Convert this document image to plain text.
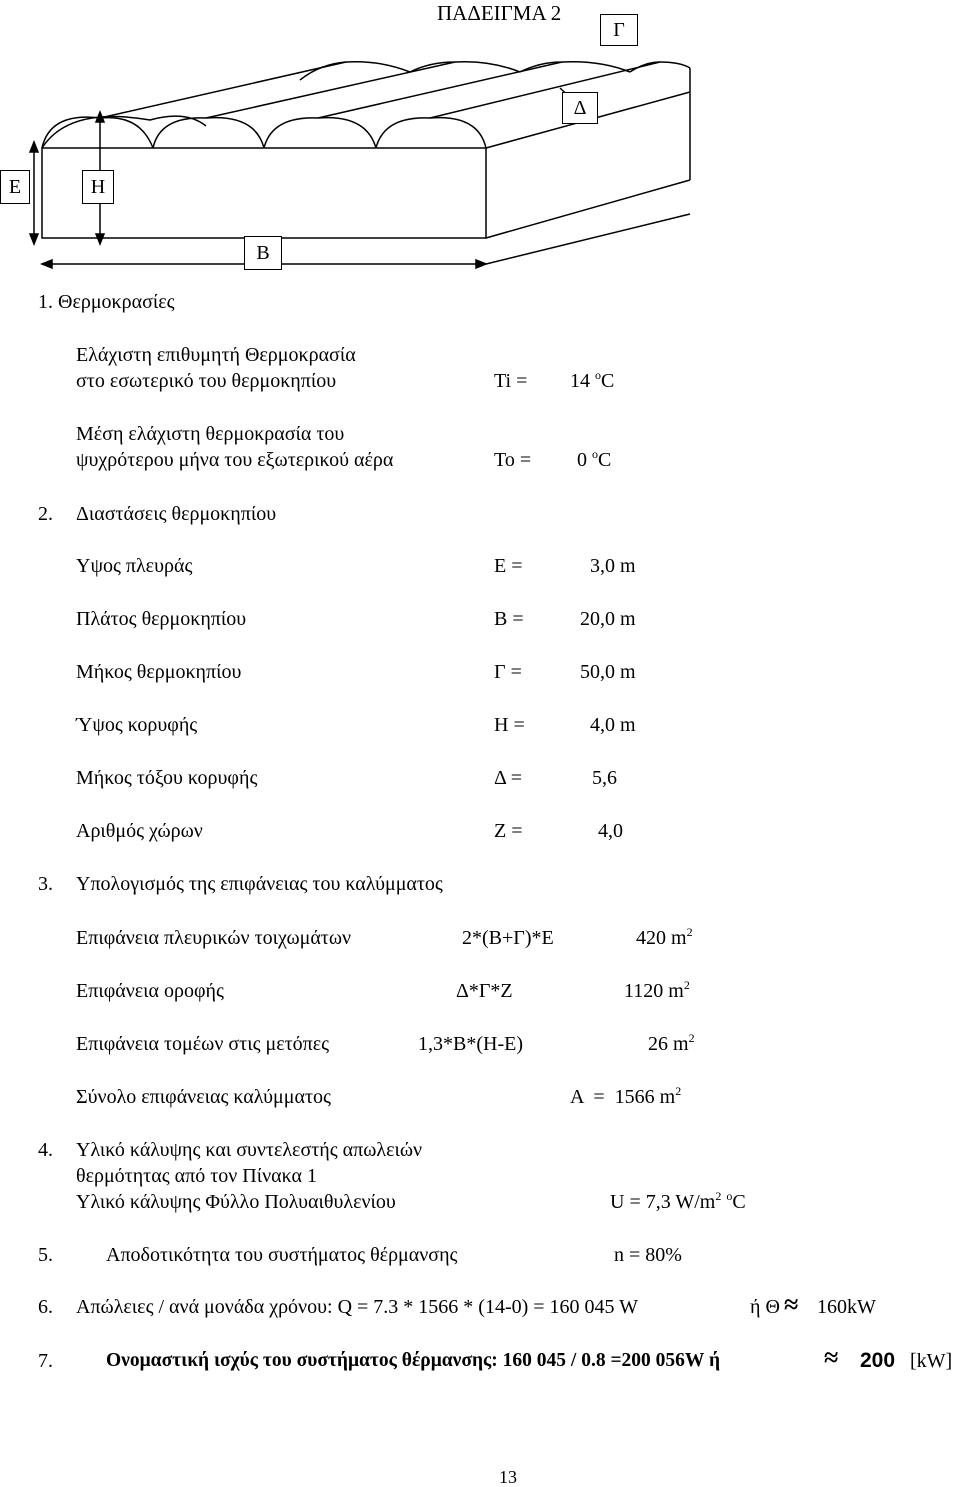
ΠΑΔΕΙΓΜΑ 2
Ε	Η
Δ
Γ
Β
1. Θερμοκρασίες
Ελάχιστη επιθυμητή Θερμοκρασία
στο εσωτερικό του θερμοκηπίου	Ti = 14 $^o$C
Μέση ελάχιστη θερμοκρασία του
ψυχρότερου μήνα του εξωτερικού αέρα	To = 0 $^o$C
2. Διαστάσεις θερμοκηπίου
Υψος πλευράς	Ε =	3,0 m
Πλάτος θερμοκηπίου	Β =	20,0 m
Μήκος θερμοκηπίου	Γ =	50,0 m
Ύψος κορυφής	Η =	4,0 m
Μήκος τόξου κορυφής	Δ =	5,6
Αριθμός χώρων	Ζ =	4,0
3. Υπολογισμός της επιφάνειας του καλύμματος
Επιφάνεια πλευρικών τοιχωμάτων	2*(Β+Γ)*Ε	420 $m^2$
Επιφάνεια οροφής	Δ*Γ*Ζ	1120 $m^2$
Επιφάνεια τομέων στις μετόπες	1,3*Β*(Η-Ε)	26 $m^2$
Σύνολο επιφάνειας καλύμματος	Α  =  1566 $m^2$
4. Υλικό κάλυψης και συντελεστής απωλειών
θερμότητας από τον Πίνακα 1
Υλικό κάλυψης Φύλλο Πολυαιθυλενίου	U = 7,3 $W/m^2$ $^o$C
5.	Αποδοτικότητα του συστήματος θέρμανσης	n = 80%
6. Απώλειες / ανά μονάδα χρόνου: Q = 7.3 * 1566 * (14-0) = 160 045 W	ή Θ ≈ 160kW
7.	Ονομαστική ισχύς του συστήματος θέρμανσης: 160 045 / 0.8 =200 056W ή	≈ 200 [kW]
13
